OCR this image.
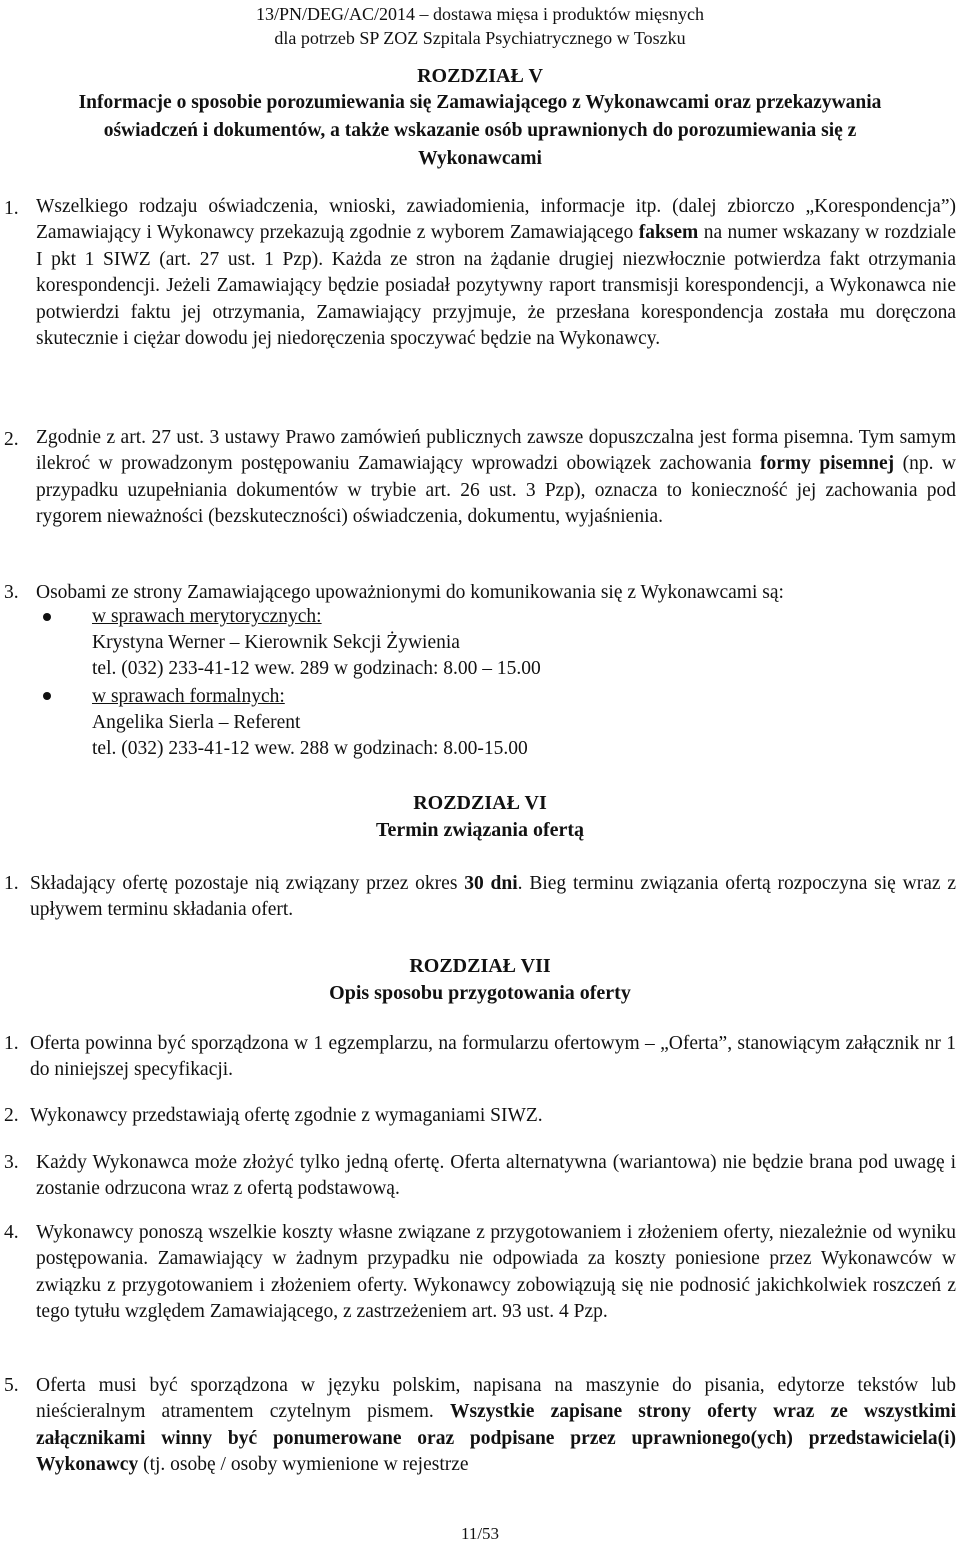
13/PN/DEG/AC/2014 – dostawa mięsa i produktów mięsnych
dla potrzeb SP ZOZ Szpitala Psychiatrycznego w Toszku
ROZDZIAŁ V
Informacje o sposobie porozumiewania się Zamawiającego z Wykonawcami oraz przekazywania oświadczeń i dokumentów, a także wskazanie osób uprawnionych do porozumiewania się z Wykonawcami
1. Wszelkiego rodzaju oświadczenia, wnioski, zawiadomienia, informacje itp. (dalej zbiorczo „Korespondencja”) Zamawiający i Wykonawcy przekazują zgodnie z wyborem Zamawiającego faksem na numer wskazany w rozdziale I pkt 1 SIWZ (art. 27 ust. 1 Pzp). Każda ze stron na żądanie drugiej niezwłocznie potwierdza fakt otrzymania korespondencji. Jeżeli Zamawiający będzie posiadał pozytywny raport transmisji korespondencji, a Wykonawca nie potwierdzi faktu jej otrzymania, Zamawiający przyjmuje, że przesłana korespondencja została mu doręczona skutecznie i ciężar dowodu jej niedoręczenia spoczywać będzie na Wykonawcy.

2. Zgodnie z art. 27 ust. 3 ustawy Prawo zamówień publicznych zawsze dopuszczalna jest forma pisemna. Tym samym ilekroć w prowadzonym postępowaniu Zamawiający wprowadzi obowiązek zachowania formy pisemnej (np. w przypadku uzupełniania dokumentów w trybie art. 26 ust. 3 Pzp), oznacza to konieczność jej zachowania pod rygorem nieważności (bezskuteczności) oświadczenia, dokumentu, wyjaśnienia.

3. Osobami ze strony Zamawiającego upoważnionymi do komunikowania się z Wykonawcami są:
w sprawach merytorycznych:
Krystyna Werner – Kierownik Sekcji Żywienia
tel. (032) 233-41-12 wew. 289 w godzinach: 8.00 – 15.00
w sprawach formalnych:
Angelika Sierla – Referent
tel. (032) 233-41-12 wew. 288 w godzinach: 8.00-15.00
ROZDZIAŁ VI
Termin związania ofertą
1. Składający ofertę pozostaje nią związany przez okres 30 dni. Bieg terminu związania ofertą rozpoczyna się wraz z upływem terminu składania ofert.

ROZDZIAŁ VII
Opis sposobu przygotowania oferty
1. Oferta powinna być sporządzona w 1 egzemplarzu, na formularzu ofertowym – „Oferta”, stanowiącym załącznik nr 1 do niniejszej specyfikacji.

2. Wykonawcy przedstawiają ofertę zgodnie z wymaganiami SIWZ.
3. Każdy Wykonawca może złożyć tylko jedną ofertę. Oferta alternatywna (wariantowa) nie będzie brana pod uwagę i zostanie odrzucona wraz z ofertą podstawową.

4. Wykonawcy ponoszą wszelkie koszty własne związane z przygotowaniem i złożeniem oferty, niezależnie od wyniku postępowania. Zamawiający w żadnym przypadku nie odpowiada za koszty poniesione przez Wykonawców w związku z przygotowaniem i złożeniem oferty. Wykonawcy zobowiązują się nie podnosić jakichkolwiek roszczeń z tego tytułu względem Zamawiającego, z zastrzeżeniem art. 93 ust. 4 Pzp.

5. Oferta musi być sporządzona w języku polskim, napisana na maszynie do pisania, edytorze tekstów lub nieścieralnym atramentem czytelnym pismem. Wszystkie zapisane strony oferty wraz ze wszystkimi załącznikami winny być ponumerowane oraz podpisane przez uprawnionego(ych) przedstawiciela(i) Wykonawcy (tj. osobę / osoby wymienione w rejestrze

11/53
